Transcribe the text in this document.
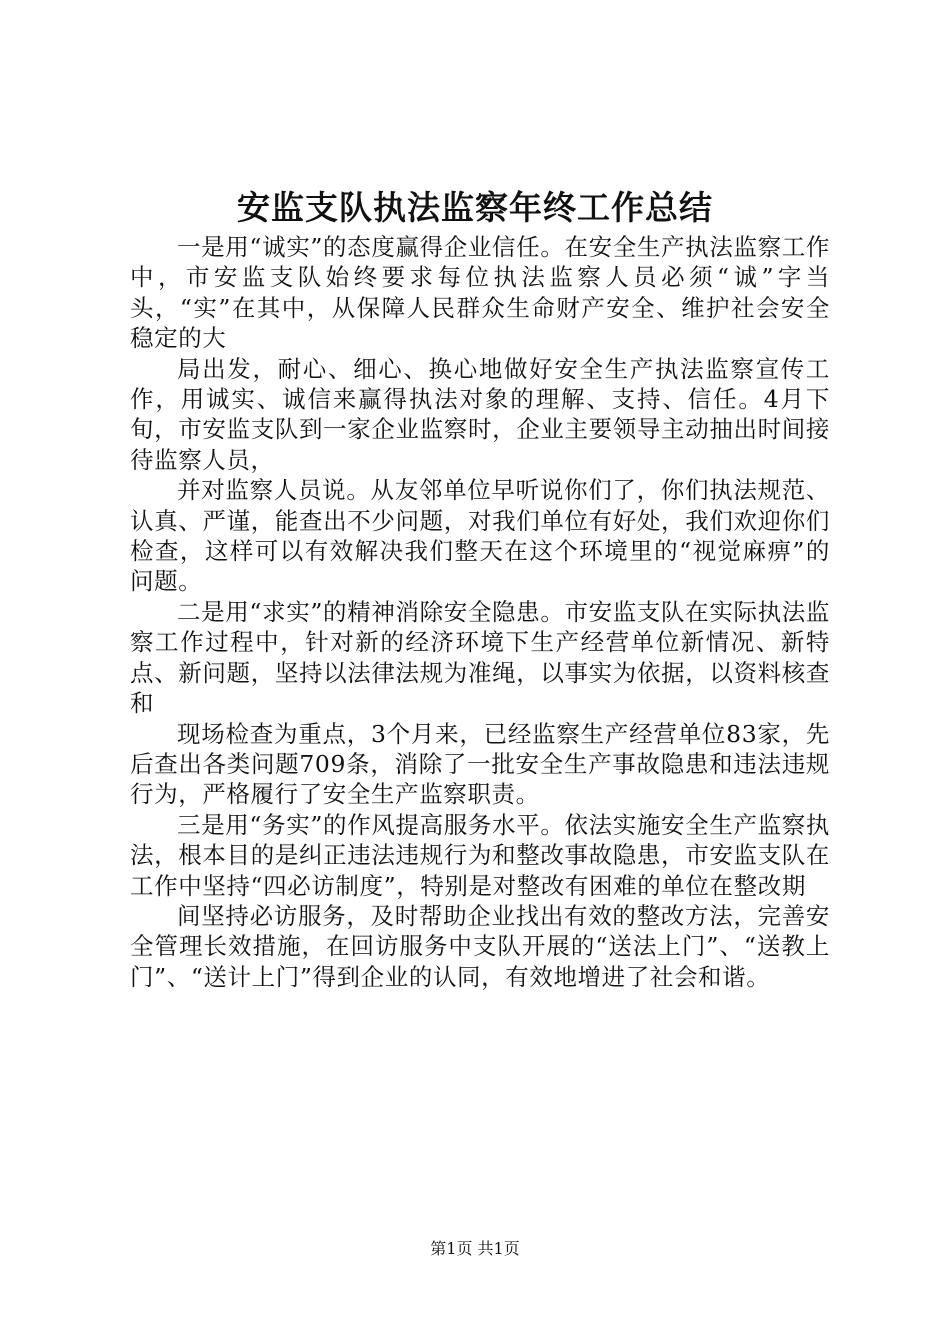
安监支队执法监察年终工作总结

一是用“诚实”的态度赢得企业信任。在安全生产执法监察工作中，市安监支队始终要求每位执法监察人员必须“诚”字当头，“实”在其中，从保障人民群众生命财产安全、维护社会安全稳定的大

局出发，耐心、细心、换心地做好安全生产执法监察宣传工作，用诚实、诚信来赢得执法对象的理解、支持、信任。4月下旬，市安监支队到一家企业监察时，企业主要领导主动抽出时间接待监察人员，

并对监察人员说。从友邻单位早听说你们了，你们执法规范、认真、严谨，能查出不少问题，对我们单位有好处，我们欢迎你们检查，这样可以有效解决我们整天在这个环境里的“视觉麻痹”的问题。

二是用“求实”的精神消除安全隐患。市安监支队在实际执法监察工作过程中，针对新的经济环境下生产经营单位新情况、新特点、新问题，坚持以法律法规为准绳，以事实为依据，以资料核查和

现场检查为重点，3个月来，已经监察生产经营单位83家，先后查出各类问题709条，消除了一批安全生产事故隐患和违法违规行为，严格履行了安全生产监察职责。

三是用“务实”的作风提高服务水平。依法实施安全生产监察执法，根本目的是纠正违法违规行为和整改事故隐患，市安监支队在工作中坚持“四必访制度”，特别是对整改有困难的单位在整改期

间坚持必访服务，及时帮助企业找出有效的整改方法，完善安全管理长效措施，在回访服务中支队开展的“送法上门”、“送教上门”、“送计上门”得到企业的认同，有效地增进了社会和谐。

第1页 共1页
